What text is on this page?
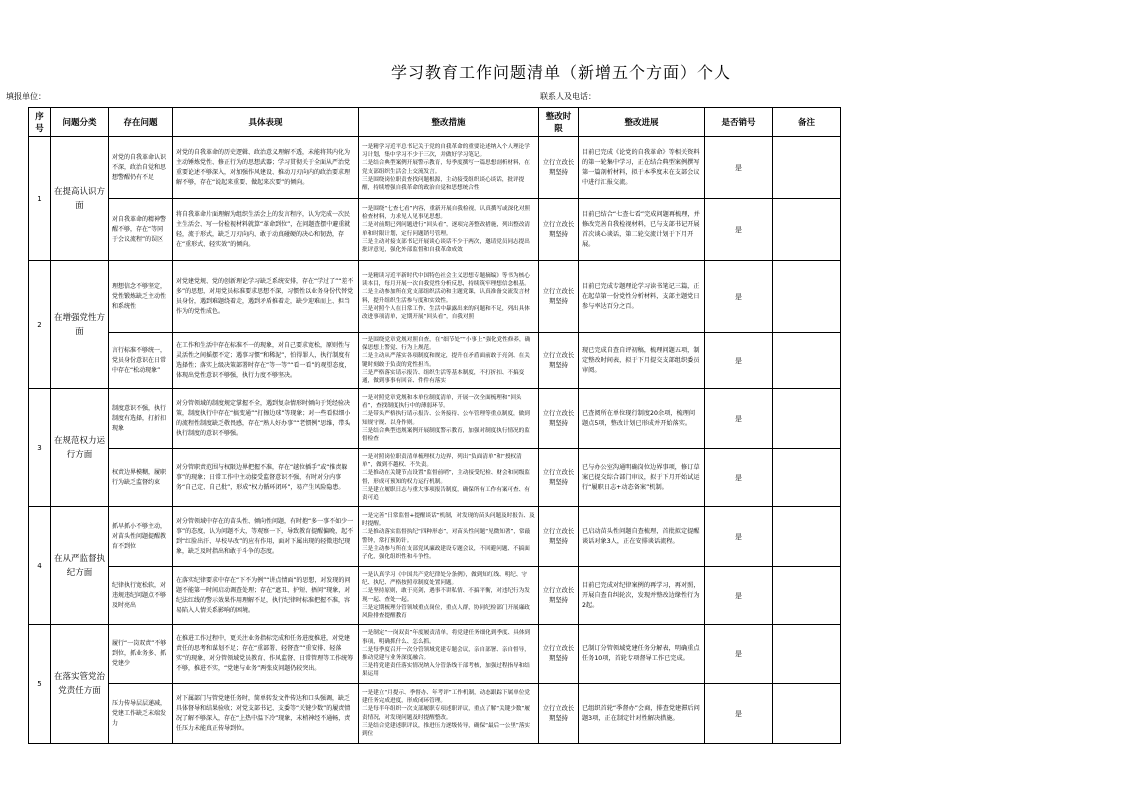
学习教育工作问题清单（新增五个方面）个人
填报单位：	联系人及电话：
序号	问题分类	存在问题	具体表现	整改措施	整改时限	整改进展	是否销号	备注
1	在提高认识方面	对党的自我革命认识不深，政治自觉和思想警醒仍有不足	对党的自我革命的历史逻辑、政治意义理解不透，未能将其内化为主动锤炼党性、修正行为的思想武器；学习贯彻关于全面从严治党重要论述不够深入，对加强作风建设、推动刀刃向内的政治要求理解不够，存在“说起来重要、做起来次要”的倾向。	一是精学习近平总书记关于党的自我革命的重要论述纳入个人理论学习计划，集中学习不少于三次，并做好学习笔记。
二是结合典型案例开展警示教育，每季度撰写一篇思想剖析材料，在党支部组织生活会上交流发言。
三是围绕岗位职责查找问题根源，主动接受组织谈心谈话，批评提醒，持续增强自我革命的政治自觉和思想统合性	立行立改长期坚持	目前已完成《论党的自我革命》等相关资料的第一轮集中学习，正在结合典型案例撰写第一篇剖析材料，拟于本季度末在支部会议中进行汇报交流。	是	
		对自我革命的精神警醒不够，存在“等同于会议流程”的误区	将自我革命片面理解为组织生活会上的发言程序，认为完成一次民主生活会、写一份检视材料就算“革命到位”，在问题查摆中避重就轻，流于形式，缺乏刀刃向内、敢于动真碰硬的决心和韧劲，存在“重形式、轻实效”的倾向。	一是围绕“七查七看”内容，重新开展自我检视，认真撰写或深化对照检查材料，力求见人见事见思想。
二是对前期已列问题进行“回头看”，逐项完善整改措施，列出整改清单和时限计划，定行问题销号管理。
三是主动对接支部书记开展谈心谈话不少于两次，邀请党员同志提出批评意见，强化外部监督和自我革命成效	立行立改长期坚持	目前已结合“七查七看”完成问题再梳理，并修改完善自我检视材料，已与支部书记开展首次谈心谈话，第二轮交流计划于下月开展。	是	
2	在增强党性方面	理想信念不够坚定，党性锻炼缺乏主动性和系统性	对党建党规、党的创新理论学习缺乏系统安排，存在“学过了”“差不多”的思想，对用党员标准要求思想不深，习惯性以业务身份代替党员身份，遇到难题绕着走，遇到矛盾推着走，缺少迎难而上、担当作为的党性成色。	一是精读习近平新时代中国特色社会主义思想专题摘编》等书为核心读本目，每月开展一次自我党性分析反思，持续筑牢理想信念根基。
二是主动参加所在党支部组织活动和主题党课，认真准备交流发言材料，提升组织生活参与度和实效性。
三是对照个人在日常工作、生活中暴露出来的问题和不足，列出具体改进事项清单，定期开展“回头看”，自我对照	立行立改长期坚持	目前已完成专题理论学习读书笔记三篇，正在起草第一份党性分析材料，支部主题党日参与率达百分之百。	是	
		言行标准不够统一，党员身份意识在日常中存在“松动现象”	在工作和生活中存在标准不一的现象，对自己要求宽松，原则性与灵活性之间摇摆不定；遇事习惯“和稀泥”，怕得罪人，执行制度有选择性；落实上级决策部署时存在“等一等”“看一看”的观望态度，体现出党性意识不够强，执行力度不够坚决。	一是围绕党章党规对照自查，在“细节处”“小事上”强化党性修养，确保思想上警觉、行为上规范。
二是主动从严落实各项制度和规定，提升在矛盾面前敢于亮剑、在关键时刻敢于负责的党性担当。
三是严格落实请示报告、组织生活等基本制度，不打折扣、不搞变通，做到事事有回音、件件有落实	立行立改长期坚持	现已完成自查自评初稿，梳理问题五项，制定整改时间表，拟于下月提交支部组织委员审阅。	是	
3	在规范权力运行方面	制度意识不强，执行制度有选择，打折扣现象	对分管领域的制度规定掌握不全，遇到复杂情形时倾向于凭经验决策，制度执行中存在“搞变通”“打擦边球”等现象；对一些看似细小的流程性制度缺乏敬畏感，存在“熟人好办事”“老惯例”思维，带头执行制度的意识不够强。	一是对照党章党规和本单位制度清单，开展一次全面梳理和“回头看”，查找制度执行中的薄弱环节。
二是带头严格执行请示报告、公务接待、公车管理等重点制度，做到知规守规、以身作则。
三是结合典型违规案例开展制度警示教育，加强对制度执行情况的监督检查	立行立改长期坚持	已查阅所在单位现行制度20余项，梳理问题点5项，整改计划已形成并开始落实。	是	
		权责边界模糊，履职行为缺乏监督约束	对分管职责范围与权限边界把握不准，存在“越位插手”或“推责躲事”的现象；日常工作中主动接受监督意识不强，有时对分内事务“自己定、自己批”，形成“权力循环闭环”，易产生风险隐患。	一是对照岗位职责清单梳理权力边界，列出“负面清单”和“授权清单”，做到不越权、不失责。
二是推动在关键节点设置“监督前哨”，主动接受纪检、财会和同级监督，形成可预知的权力运行机制。
三是建立履职日志与重大事项报告制度，确保所有工作有案可查、有责可追	立行立改长期坚持	已与办公室沟通明确岗位边界事项，修订草案已提交综合部门审议，拟于下月开始试运行“履职日志+动态备案”机制。	是	
4	在从严监督执纪方面	抓早抓小不够主动，对苗头性问题提醒教育不到位	对分管领域中存在的苗头性、倾向性问题，有时抱“多一事不如少一事”的态度，认为问题不大，等观察一下，导致教育提醒偏晚，起不到“红脸出汗、早校早改”的应有作用，面对下属出现的轻微违纪现象，缺乏及时指出和敢于斗争的态度。	一是完善“日常监督+提醒谈话”机制，对发现的苗头问题及时报告、及时提醒。
二是推动落实监督执纪“四种形态”，对苗头性问题“见微知著”，常敲警钟，常打预防针。
三是主动参与所在支部党风廉政建设专题会议，不回避问题、不搞面子化，强化组织性和斗争性。	立行立改长期坚持	已启动苗头性问题自查梳理，首批拟定提醒谈话对象3人，正在安排谈话流程。	是	
		纪律执行宽松软，对违规违纪问题点不够及时亮出	在落实纪律要求中存在“下不为例”“讲点情面”的思想，对发现的问题不能第一时间启动调查处理；存在“遮丑、护短、捂问”现象，对纪法红线的警示效果作用理解不足，执行纪律时标准把握不准，容易陷入人情关系影响的困境。	一是认真学习《中国共产党纪律处分条例》，做到知红线、明纪、守纪、执纪、严格按照章制度处置问题。
二是坚持原则，敢于亮剑，遇事不讲私情、不搞平衡，对违纪行为发现一起、查处一起。
三是定期梳理分管领域重点岗位，重点人群，协同纪检部门开展廉政风险排查提醒教育	立行立改长期坚持	目前已完成对纪律案例的再学习，再对照，开展自查自纠轮次，发现并整改边缘性行为2起。	是	
5	在落实管党治党责任方面	履行“一岗双责”不够到位，抓业务多、抓党建少	在推进工作过程中，更关注业务指标完成和任务进度推进，对党建责任的思考和谋划不足；存在“重部署、轻督查”“重安排、轻落实”的现象，对分管领域党员教育、作风监督、日常管理等工作统筹不够，推进不实，“党建与业务”两张皮问题仍较突出。	一是制定“一岗双责”年度履责清单，将党建任务细化到季度、具体到事项，明确抓什么、怎么抓。
二是每季度召开一次分管领域党建专题会议，亲自部署、亲自督导，推动党建与业务深度融合。
三是将党建责任落实情况纳入分管条线干部考核，加强过程指导和结果运用	立行立改长期坚持	已制订分管领域党建任务分解表，明确重点任务10项，首轮专项督导工作已完成。	是	
		压力传导层层递减，党建工作缺乏末端发力	对下属部门与管党建任务时，简单转发文件传达和口头强调，缺乏具体督导和结果验收；对党支部书记、支委等“关键少数”的履责情况了解不够深入，存在“上热中温下冷”现象，末梢神经不通畅，责任压力未能真正传导到位。	一是建立“月提示、季督办、年考评”工作机制，动态跟踪下属单位党建任务完成进度，形成闭环管理。
二是每半年组织一次支部履职专项述职评议，重点了解“关键少数”履责情况，对发现问题及时提醒整改。
三是结合党建述职评议，推进压力逐级传导，确保“最后一公里”落实到位	立行立改长期坚持	已组织首轮“季督办”会商，排查党建滞后问题3项，正在制定针对性解决措施。	是	
